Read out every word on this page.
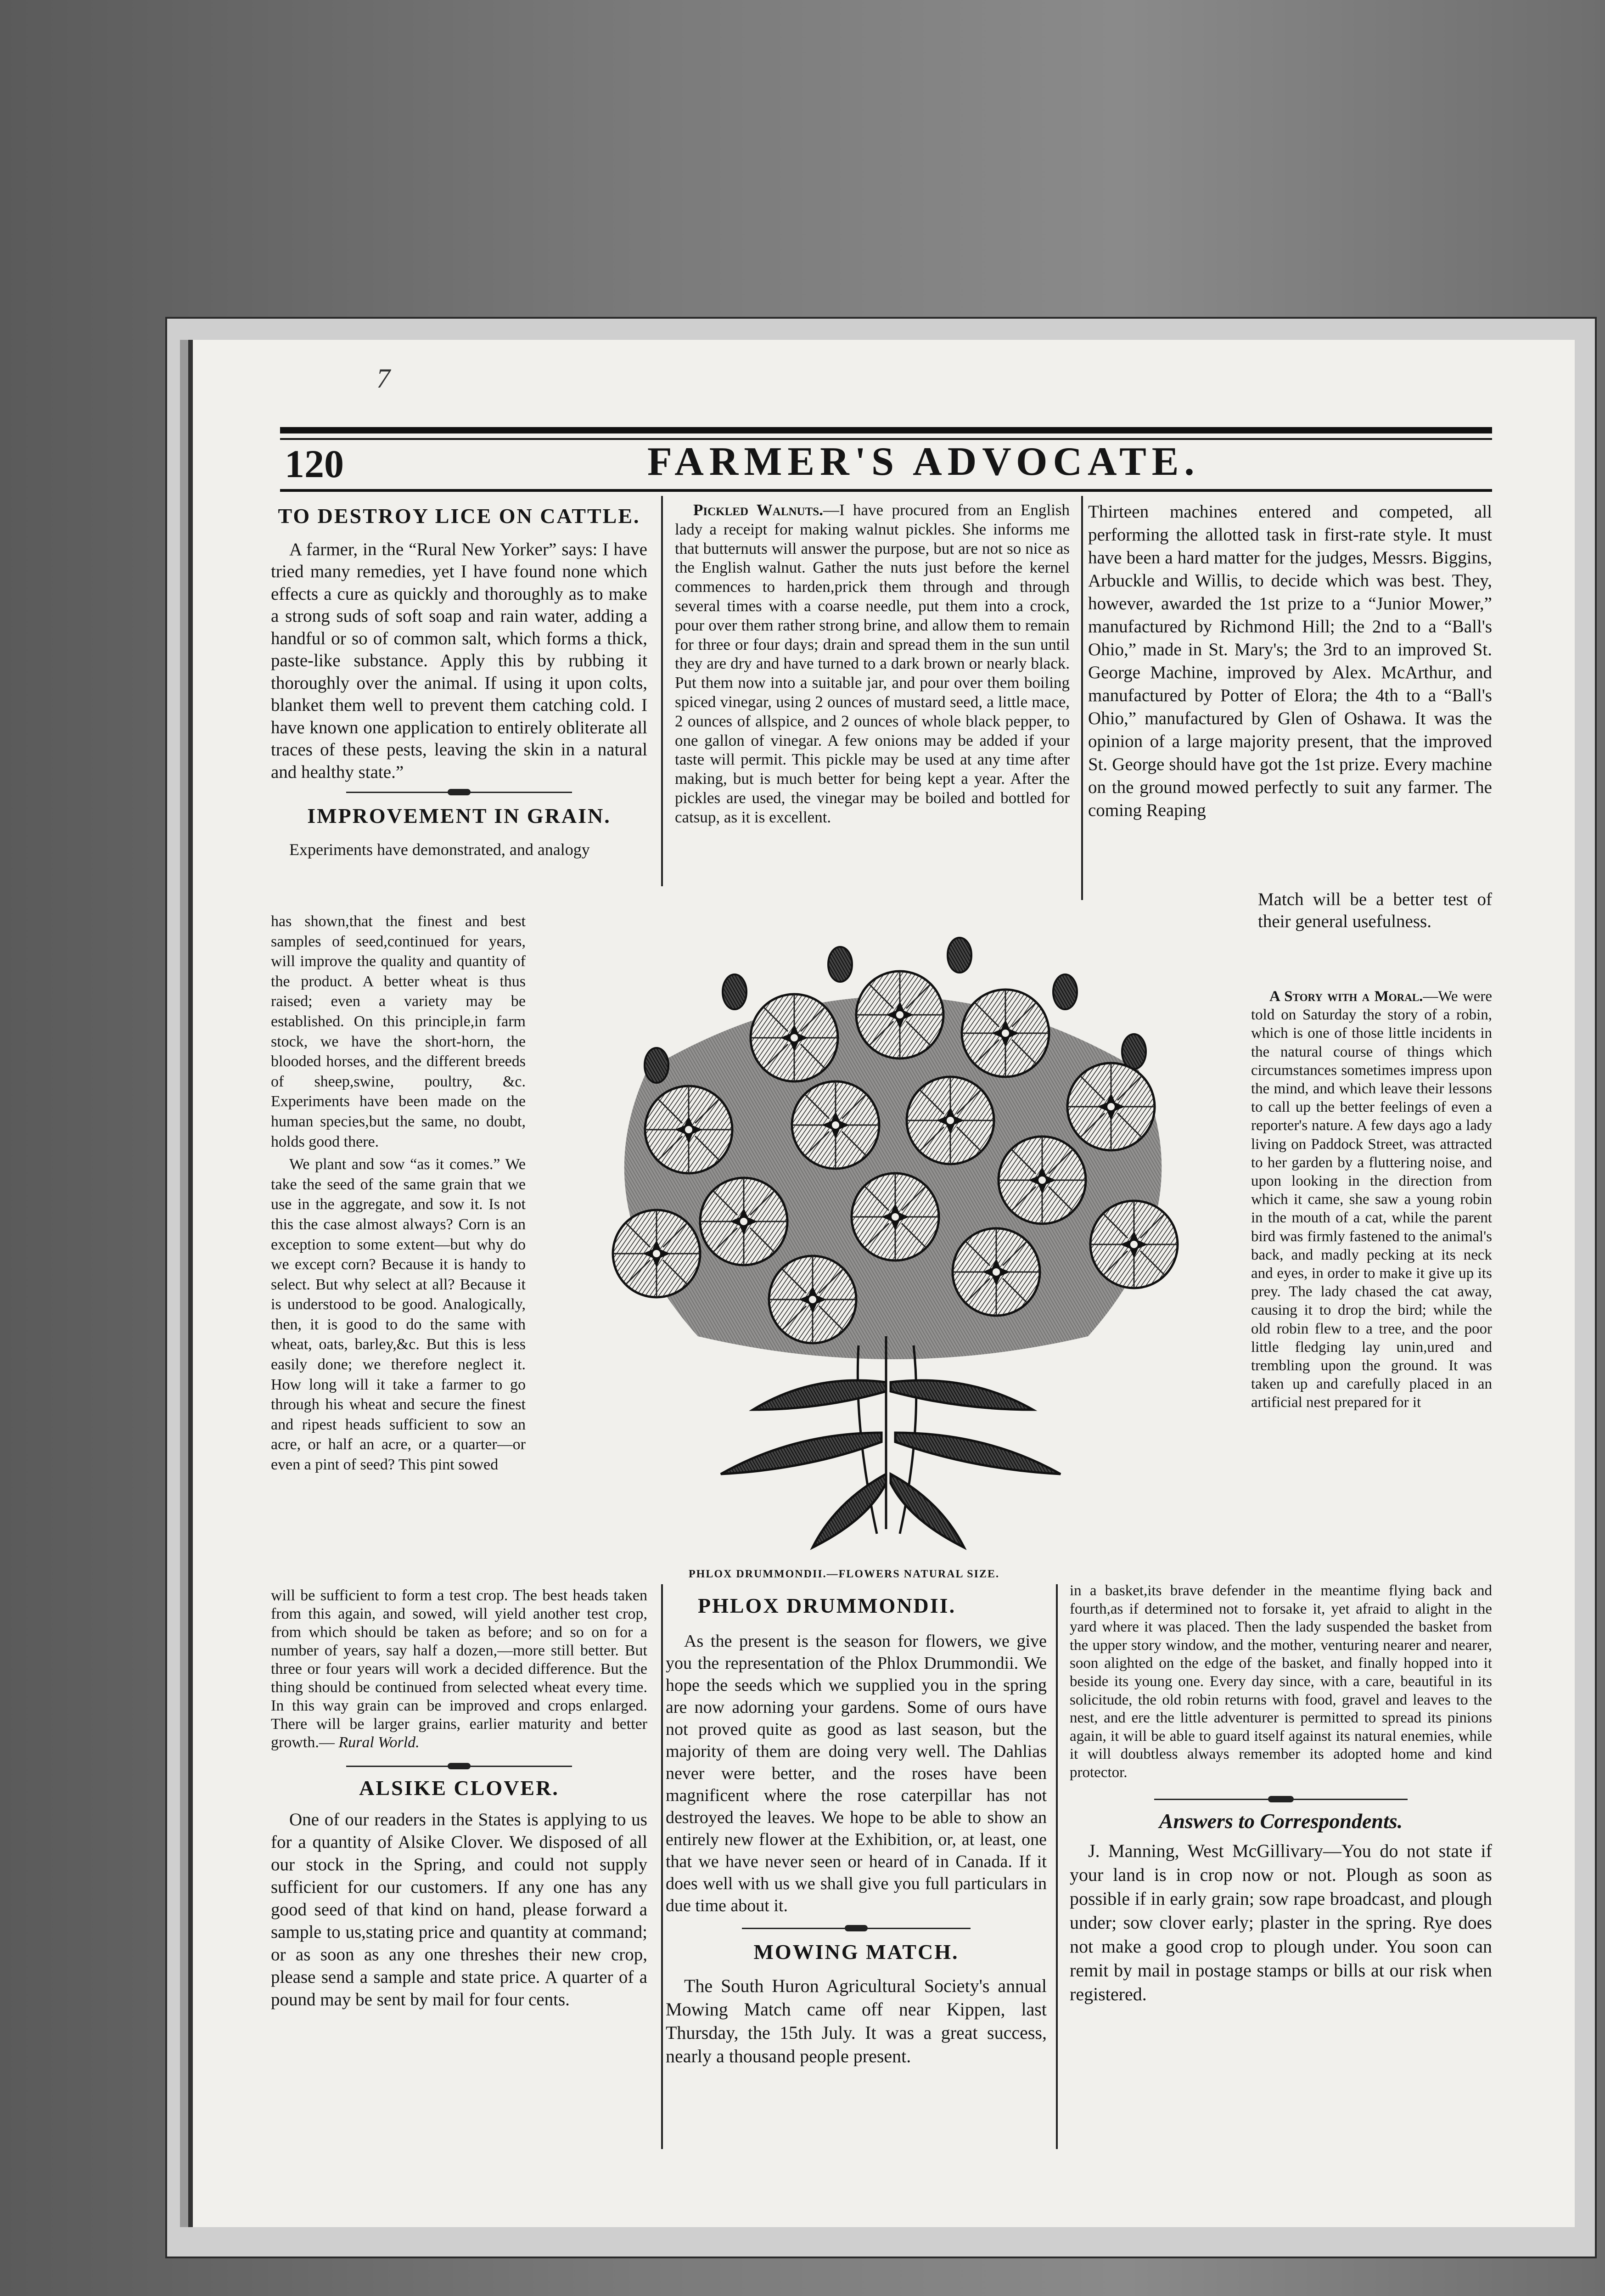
7
120	FARMER'S ADVOCATE.
TO DESTROY LICE ON CATTLE.

A farmer, in the “Rural New Yorker” says: I have tried many remedies, yet I have found none which effects a cure as quickly and thoroughly as to make a strong suds of soft soap and rain water, adding a handful or so of common salt, which forms a thick, paste-like substance. Apply this by rubbing it thoroughly over the animal. If using it upon colts, blanket them well to prevent them catching cold. I have known one application to entirely obliterate all traces of these pests, leaving the skin in a natural and healthy state.”

IMPROVEMENT IN GRAIN.

Experiments have demonstrated, and analogy

has shown,that the finest and best samples of seed,continued for years, will improve the quality and quantity of the product. A better wheat is thus raised; even a variety may be established. On this principle,in farm stock, we have the short-horn, the blooded horses, and the different breeds of sheep,swine, poultry, &c. Experiments have been made on the human species,but the same, no doubt, holds good there.

We plant and sow “as it comes.” We take the seed of the same grain that we use in the aggregate, and sow it. Is not this the case almost always? Corn is an exception to some extent—but why do we except corn? Because it is handy to select. But why select at all? Because it is understood to be good. Analogically, then, it is good to do the same with wheat, oats, barley,&c. But this is less easily done; we therefore neglect it. How long will it take a farmer to go through his wheat and secure the finest and ripest heads sufficient to sow an acre, or half an acre, or a quarter—or even a pint of seed? This pint sowed

will be sufficient to form a test crop. The best heads taken from this again, and sowed, will yield another test crop, from which should be taken as before; and so on for a number of years, say half a dozen,—more still better. But three or four years will work a decided difference. But the thing should be continued from selected wheat every time. In this way grain can be improved and crops enlarged. There will be larger grains, earlier maturity and better growth.— Rural World.

ALSIKE CLOVER.

One of our readers in the States is applying to us for a quantity of Alsike Clover. We disposed of all our stock in the Spring, and could not supply sufficient for our customers. If any one has any good seed of that kind on hand, please forward a sample to us,stating price and quantity at command; or as soon as any one threshes their new crop, please send a sample and state price. A quarter of a pound may be sent by mail for four cents.

Pickled Walnuts.—I have procured from an English lady a receipt for making walnut pickles. She informs me that butternuts will answer the purpose, but are not so nice as the English walnut. Gather the nuts just before the kernel commences to harden,prick them through and through several times with a coarse needle, put them into a crock, pour over them rather strong brine, and allow them to remain for three or four days; drain and spread them in the sun until they are dry and have turned to a dark brown or nearly black. Put them now into a suitable jar, and pour over them boiling spiced vinegar, using 2 ounces of mustard seed, a little mace, 2 ounces of allspice, and 2 ounces of whole black pepper, to one gallon of vinegar. A few onions may be added if your taste will permit. This pickle may be used at any time after making, but is much better for being kept a year. After the pickles are used, the vinegar may be boiled and bottled for catsup, as it is excellent.

Thirteen machines entered and competed, all performing the allotted task in first-rate style. It must have been a hard matter for the judges, Messrs. Biggins, Arbuckle and Willis, to decide which was best. They, however, awarded the 1st prize to a “Junior Mower,” manufactured by Richmond Hill; the 2nd to a “Ball's Ohio,” made in St. Mary's; the 3rd to an improved St. George Machine, improved by Alex. McArthur, and manufactured by Potter of Elora; the 4th to a “Ball's Ohio,” manufactured by Glen of Oshawa. It was the opinion of a large majority present, that the improved St. George should have got the 1st prize. Every machine on the ground mowed perfectly to suit any farmer. The coming Reaping

Match will be a better test of their general usefulness.

A Story with a Moral.—We were told on Saturday the story of a robin, which is one of those little incidents in the natural course of things which circumstances sometimes impress upon the mind, and which leave their lessons to call up the better feelings of even a reporter's nature. A few days ago a lady living on Paddock Street, was attracted to her garden by a fluttering noise, and upon looking in the direction from which it came, she saw a young robin in the mouth of a cat, while the parent bird was firmly fastened to the animal's back, and madly pecking at its neck and eyes, in order to make it give up its prey. The lady chased the cat away, causing it to drop the bird; while the old robin flew to a tree, and the poor little fledging lay unin,ured and trembling upon the ground. It was taken up and carefully placed in an artificial nest prepared for it

PHLOX DRUMMONDII.—FLOWERS NATURAL SIZE.
PHLOX DRUMMONDII.

As the present is the season for flowers, we give you the representation of the Phlox Drummondii. We hope the seeds which we supplied you in the spring are now adorning your gardens. Some of ours have not proved quite as good as last season, but the majority of them are doing very well. The Dahlias never were better, and the roses have been magnificent where the rose caterpillar has not destroyed the leaves. We hope to be able to show an entirely new flower at the Exhibition, or, at least, one that we have never seen or heard of in Canada. If it does well with us we shall give you full particulars in due time about it.

MOWING MATCH.

The South Huron Agricultural Society's annual Mowing Match came off near Kippen, last Thursday, the 15th July. It was a great success, nearly a thousand people present.

in a basket,its brave defender in the meantime flying back and fourth,as if determined not to forsake it, yet afraid to alight in the yard where it was placed. Then the lady suspended the basket from the upper story window, and the mother, venturing nearer and nearer, soon alighted on the edge of the basket, and finally hopped into it beside its young one. Every day since, with a care, beautiful in its solicitude, the old robin returns with food, gravel and leaves to the nest, and ere the little adventurer is permitted to spread its pinions again, it will be able to guard itself against its natural enemies, while it will doubtless always remember its adopted home and kind protector.

Answers to Correspondents.

J. Manning, West McGillivary—You do not state if your land is in crop now or not. Plough as soon as possible if in early grain; sow rape broadcast, and plough under; sow clover early; plaster in the spring. Rye does not make a good crop to plough under. You soon can remit by mail in postage stamps or bills at our risk when registered.
